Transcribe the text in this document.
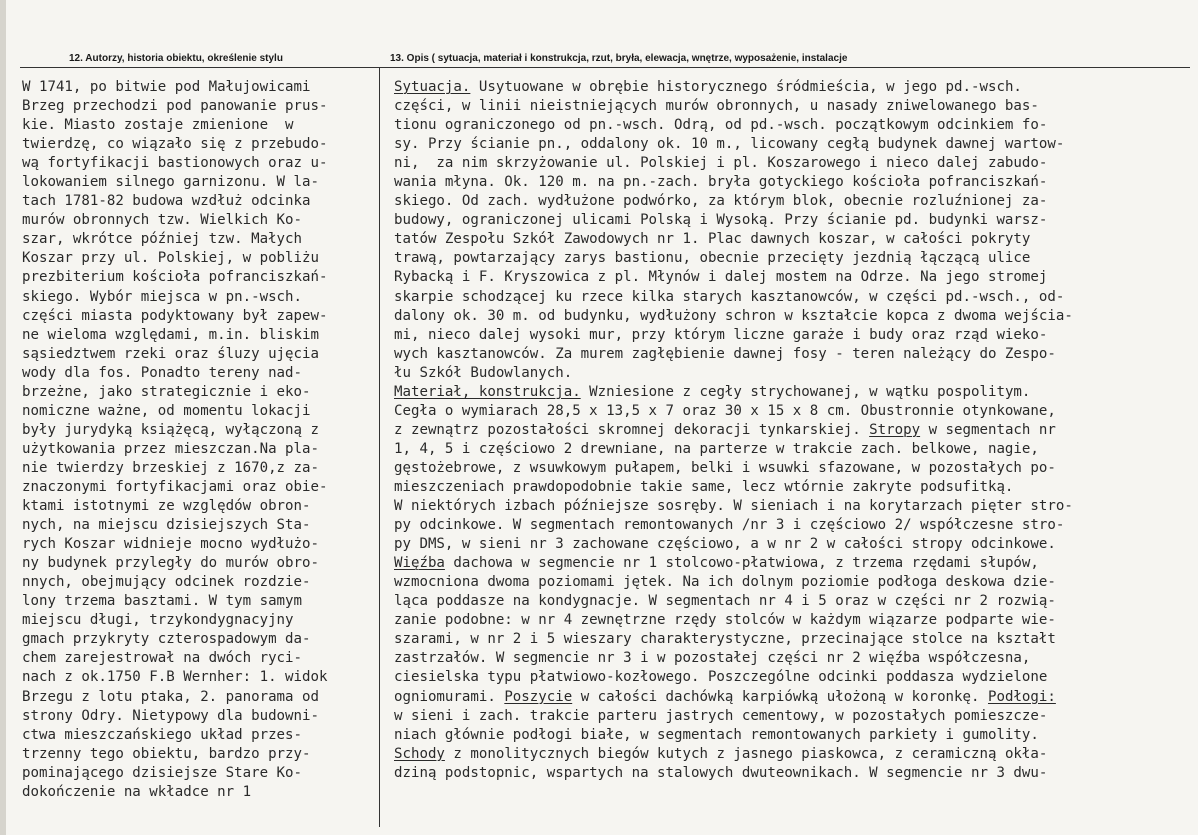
12. Autorzy, historia obiektu, określenie stylu	13. Opis ( sytuacja, materiał i konstrukcja, rzut, bryła, elewacja, wnętrze, wyposażenie, instalacje
W 1741, po bitwie pod Małujowicami
Brzeg przechodzi pod panowanie prus-
kie. Miasto zostaje zmienione  w
twierdzę, co wiązało się z przebudo-
wą fortyfikacji bastionowych oraz u-
lokowaniem silnego garnizonu. W la-
tach 1781-82 budowa wzdłuż odcinka
murów obronnych tzw. Wielkich Ko-
szar, wkrótce później tzw. Małych
Koszar przy ul. Polskiej, w pobliżu
prezbiterium kościoła pofranciszkań-
skiego. Wybór miejsca w pn.-wsch.
części miasta podyktowany był zapew-
ne wieloma względami, m.in. bliskim
sąsiedztwem rzeki oraz śluzy ujęcia
wody dla fos. Ponadto tereny nad-
brzeżne, jako strategicznie i eko-
nomiczne ważne, od momentu lokacji
były jurydyką książęcą, wyłączoną z
użytkowania przez mieszczan.Na pla-
nie twierdzy brzeskiej z 1670,z za-
znaczonymi fortyfikacjami oraz obie-
ktami istotnymi ze względów obron-
nych, na miejscu dzisiejszych Sta-
rych Koszar widnieje mocno wydłużo-
ny budynek przyległy do murów obro-
nnych, obejmujący odcinek rozdzie-
lony trzema basztami. W tym samym
miejscu długi, trzykondygnacyjny
gmach przykryty czterospadowym da-
chem zarejestrował na dwóch ryci-
nach z ok.1750 F.B Wernher: 1. widok
Brzegu z lotu ptaka, 2. panorama od
strony Odry. Nietypowy dla budowni-
ctwa mieszczańskiego układ przes-
trzenny tego obiektu, bardzo przy-
pominającego dzisiejsze Stare Ko-
dokończenie na wkładce nr 1
Sytuacja. Usytuowane w obrębie historycznego śródmieścia, w jego pd.-wsch.
części, w linii nieistniejących murów obronnych, u nasady zniwelowanego bas-
tionu ograniczonego od pn.-wsch. Odrą, od pd.-wsch. początkowym odcinkiem fo-
sy. Przy ścianie pn., oddalony ok. 10 m., licowany cegłą budynek dawnej wartow-
ni,  za nim skrzyżowanie ul. Polskiej i pl. Koszarowego i nieco dalej zabudo-
wania młyna. Ok. 120 m. na pn.-zach. bryła gotyckiego kościoła pofranciszkań-
skiego. Od zach. wydłużone podwórko, za którym blok, obecnie rozluźnionej za-
budowy, ograniczonej ulicami Polską i Wysoką. Przy ścianie pd. budynki warsz-
tatów Zespołu Szkół Zawodowych nr 1. Plac dawnych koszar, w całości pokryty
trawą, powtarzający zarys bastionu, obecnie przecięty jezdnią łączącą ulice
Rybacką i F. Kryszowica z pl. Młynów i dalej mostem na Odrze. Na jego stromej
skarpie schodzącej ku rzece kilka starych kasztanowców, w części pd.-wsch., od-
dalony ok. 30 m. od budynku, wydłużony schron w kształcie kopca z dwoma wejścia-
mi, nieco dalej wysoki mur, przy którym liczne garaże i budy oraz rząd wieko-
wych kasztanowców. Za murem zagłębienie dawnej fosy - teren należący do Zespo-
łu Szkół Budowlanych.
Materiał, konstrukcja. Wzniesione z cegły strychowanej, w wątku pospolitym.
Cegła o wymiarach 28,5 x 13,5 x 7 oraz 30 x 15 x 8 cm. Obustronnie otynkowane,
z zewnątrz pozostałości skromnej dekoracji tynkarskiej. Stropy w segmentach nr
1, 4, 5 i częściowo 2 drewniane, na parterze w trakcie zach. belkowe, nagie,
gęstożebrowe, z wsuwkowym pułapem, belki i wsuwki sfazowane, w pozostałych po-
mieszczeniach prawdopodobnie takie same, lecz wtórnie zakryte podsufitką.
W niektórych izbach późniejsze sosręby. W sieniach i na korytarzach pięter stro-
py odcinkowe. W segmentach remontowanych /nr 3 i częściowo 2/ współczesne stro-
py DMS, w sieni nr 3 zachowane częściowo, a w nr 2 w całości stropy odcinkowe.
Więźba dachowa w segmencie nr 1 stolcowo-płatwiowa, z trzema rzędami słupów,
wzmocniona dwoma poziomami jętek. Na ich dolnym poziomie podłoga deskowa dzie-
ląca poddasze na kondygnacje. W segmentach nr 4 i 5 oraz w części nr 2 rozwią-
zanie podobne: w nr 4 zewnętrzne rzędy stolców w każdym wiązarze podparte wie-
szarami, w nr 2 i 5 wieszary charakterystyczne, przecinające stolce na kształt
zastrzałów. W segmencie nr 3 i w pozostałej części nr 2 więźba współczesna,
ciesielska typu płatwiowo-kozłowego. Poszczególne odcinki poddasza wydzielone
ogniomurami. Poszycie w całości dachówką karpiówką ułożoną w koronkę. Podłogi:
w sieni i zach. trakcie parteru jastrych cementowy, w pozostałych pomieszcze-
niach głównie podłogi białe, w segmentach remontowanych parkiety i gumolity.
Schody z monolitycznych biegów kutych z jasnego piaskowca, z ceramiczną okła-
dziną podstopnic, wspartych na stalowych dwuteownikach. W segmencie nr 3 dwu-
